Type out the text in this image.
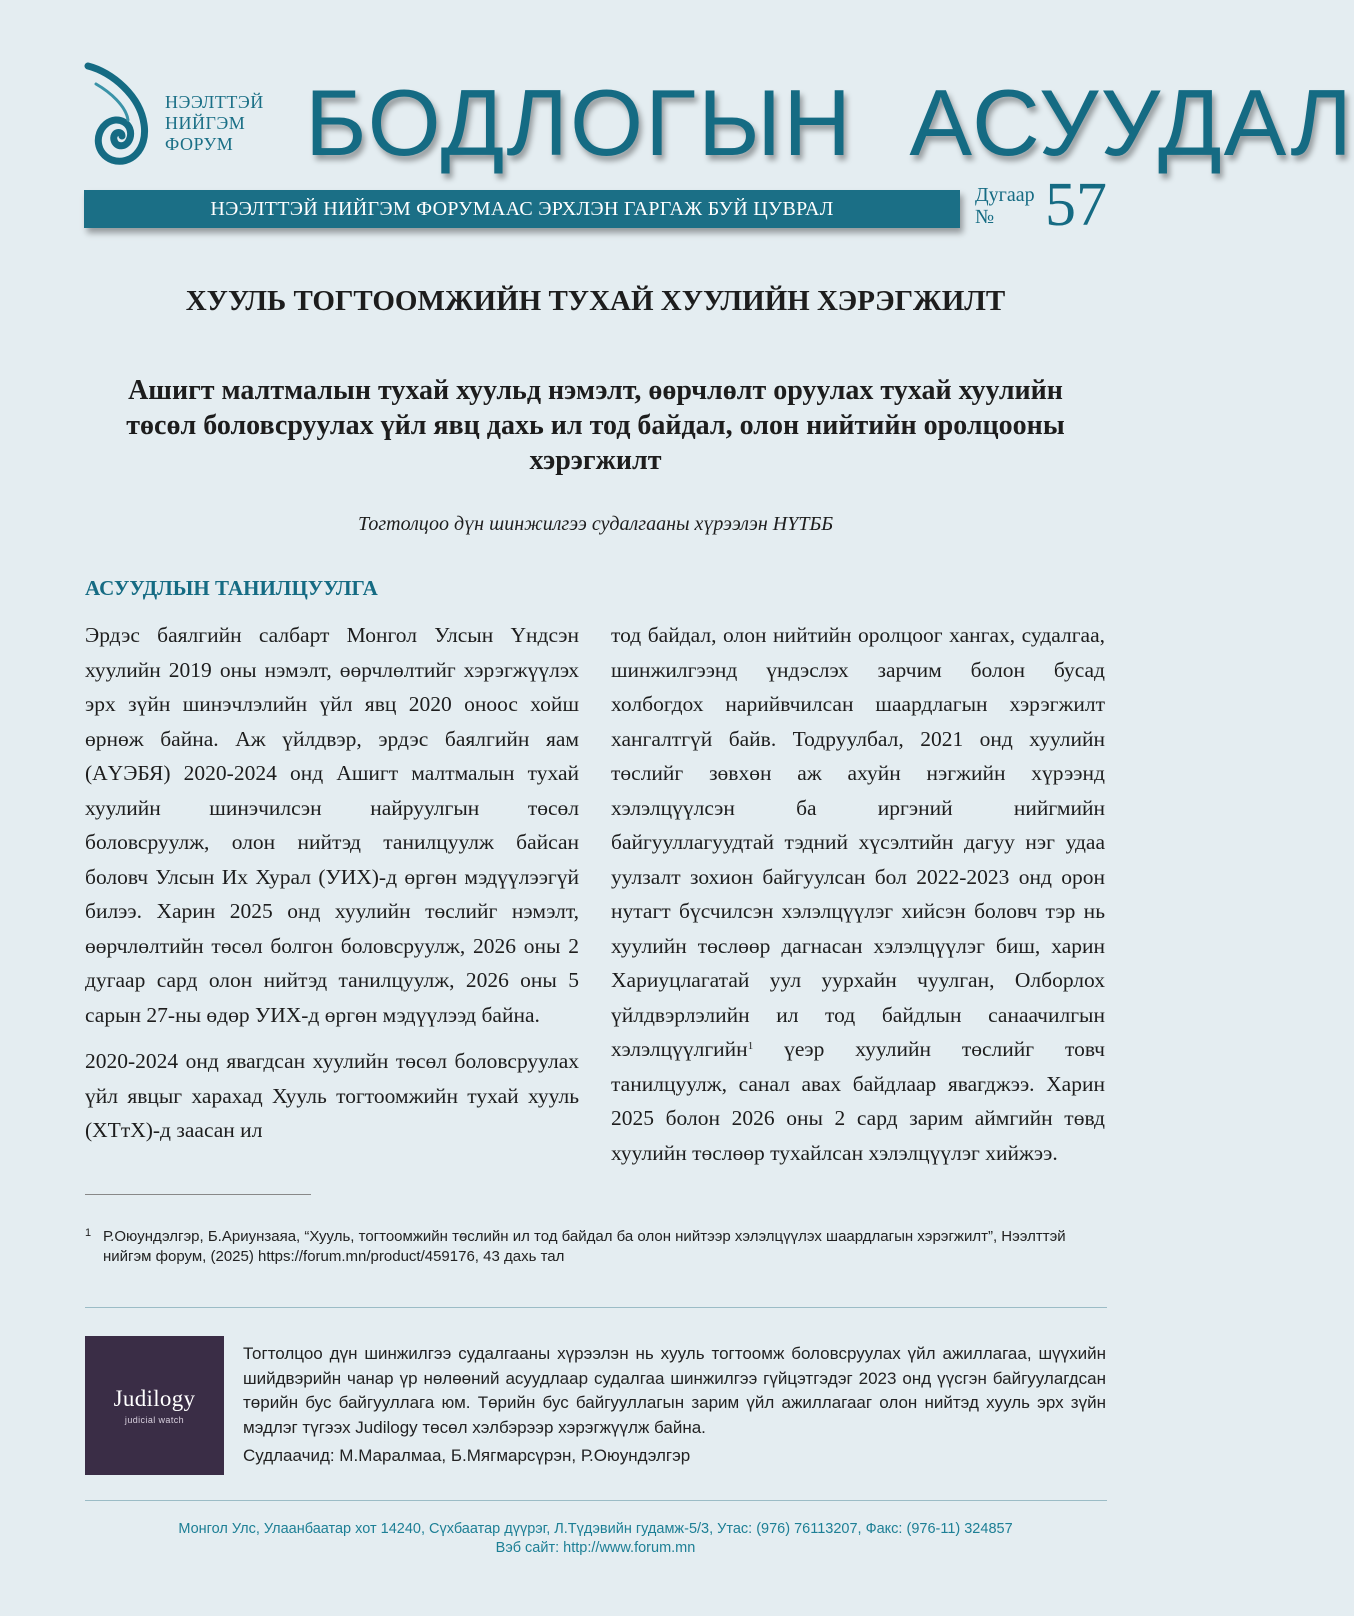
НЭЭЛТТЭЙ
НИЙГЭМ
ФОРУМ БОДЛОГЫН  АСУУДАЛ
НЭЭЛТТЭЙ НИЙГЭМ ФОРУМААС ЭРХЛЭН ГАРГАЖ БУЙ ЦУВРАЛ
Дугаар
№ 57
ХУУЛЬ ТОГТООМЖИЙН ТУХАЙ ХУУЛИЙН ХЭРЭГЖИЛТ
Ашигт малтмалын тухай хуульд нэмэлт, өөрчлөлт оруулах тухай хуулийн төсөл боловсруулах үйл явц дахь ил тод байдал, олон нийтийн оролцооны хэрэгжилт
Тогтолцоо дүн шинжилгээ судалгааны хүрээлэн НҮТББ
АСУУДЛЫН ТАНИЛЦУУЛГА

Эрдэс баялгийн салбарт Монгол Улсын Үндсэн хуулийн 2019 оны нэмэлт, өөрчлөлтийг хэрэгжүүлэх эрх зүйн шинэчлэлийн үйл явц 2020 оноос хойш өрнөж байна. Аж үйлдвэр, эрдэс баялгийн яам (АҮЭБЯ) 2020-2024 онд Ашигт малтмалын тухай хуулийн шинэчилсэн найруулгын төсөл боловсруулж, олон нийтэд танилцуулж байсан боловч Улсын Их Хурал (УИХ)-д өргөн мэдүүлээгүй билээ. Харин 2025 онд хуулийн төслийг нэмэлт, өөрчлөлтийн төсөл болгон боловсруулж, 2026 оны 2 дугаар сард олон нийтэд танилцуулж, 2026 оны 5 сарын 27-ны өдөр УИХ-д өргөн мэдүүлээд байна.

2020-2024 онд явагдсан хуулийн төсөл боловсруулах үйл явцыг харахад Хууль тогтоомжийн тухай хууль (ХТтХ)-д заасан ил

тод байдал, олон нийтийн оролцоог хангах, судалгаа, шинжилгээнд үндэслэх зарчим болон бусад холбогдох нарийвчилсан шаардлагын хэрэгжилт хангалтгүй байв. Тодруулбал, 2021 онд хуулийн төслийг зөвхөн аж ахуйн нэгжийн хүрээнд хэлэлцүүлсэн ба иргэний нийгмийн байгууллагуудтай тэдний хүсэлтийн дагуу нэг удаа уулзалт зохион байгуулсан бол 2022-2023 онд орон нутагт бүсчилсэн хэлэлцүүлэг хийсэн боловч тэр нь хуулийн төслөөр дагнасан хэлэлцүүлэг биш, харин Хариуцлагатай уул уурхайн чуулган, Олборлох үйлдвэрлэлийн ил тод байдлын санаачилгын хэлэлцүүлгийн$^1$ үеэр хуулийн төслийг товч танилцуулж, санал авах байдлаар явагджээ. Харин 2025 болон 2026 оны 2 сард зарим аймгийн төвд хуулийн төслөөр тухайлсан хэлэлцүүлэг хийжээ.

1 Р.Оюундэлгэр, Б.Ариунзаяа, “Хууль, тогтоомжийн төслийн ил тод байдал ба олон нийтээр хэлэлцүүлэх шаардлагын хэрэгжилт”, Нээлттэй нийгэм форум, (2025) https://forum.mn/product/459176, 43 дахь тал
Judilogy
judicial watch

Тогтолцоо дүн шинжилгээ судалгааны хүрээлэн нь хууль тогтоомж боловсруулах үйл ажиллагаа, шүүхийн шийдвэрийн чанар үр нөлөөний асуудлаар судалгаа шинжилгээ гүйцэтгэдэг 2023 онд үүсгэн байгуулагдсан төрийн бус байгууллага юм. Төрийн бус байгууллагын зарим үйл ажиллагааг олон нийтэд хууль эрх зүйн мэдлэг түгээх Judilogy төсөл хэлбэрээр хэрэгжүүлж байна.

Судлаачид: М.Маралмаа, Б.Мягмарсүрэн, Р.Оюундэлгэр

Монгол Улс, Улаанбаатар хот 14240, Сүхбаатар дүүрэг, Л.Түдэвийн гудамж-5/3, Утас: (976) 76113207, Факс: (976-11) 324857
Вэб сайт: http://www.forum.mn
